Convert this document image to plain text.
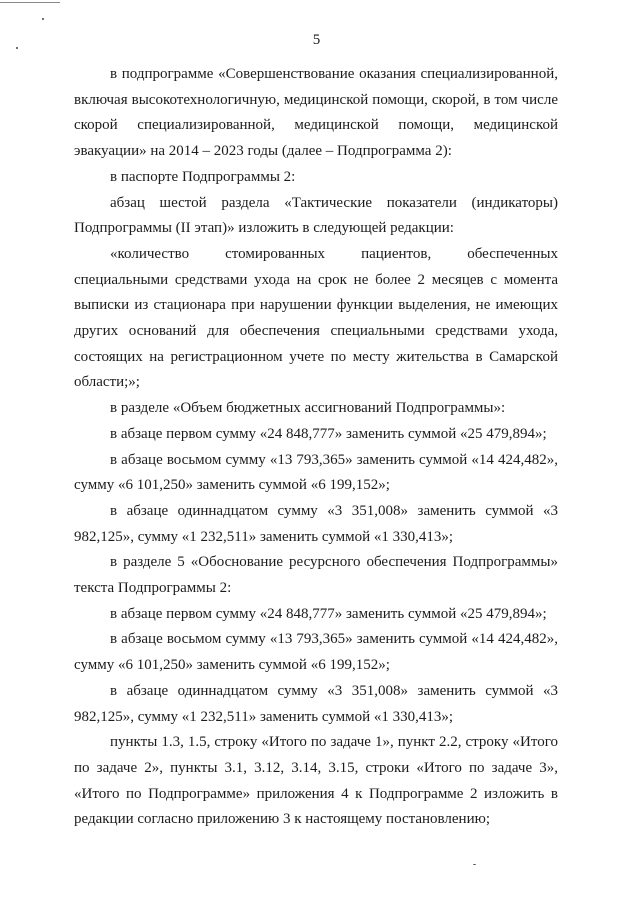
5

в подпрограмме «Совершенствование оказания специализированной, включая высокотехнологичную, медицинской помощи, скорой, в том числе скорой специализированной, медицинской помощи, медицинской эвакуации» на 2014 – 2023 годы (далее – Подпрограмма 2):

в паспорте Подпрограммы 2:

абзац шестой раздела «Тактические показатели (индикаторы) Подпрограммы (II этап)» изложить в следующей редакции:

«количество стомированных пациентов, обеспеченных специальными средствами ухода на срок не более 2 месяцев с момента выписки из стационара при нарушении функции выделения, не имеющих других оснований для обеспечения специальными средствами ухода, состоящих на регистрационном учете по месту жительства в Самарской области;»;

в разделе «Объем бюджетных ассигнований Подпрограммы»:

в абзаце первом сумму «24 848,777» заменить суммой «25 479,894»;

в абзаце восьмом сумму «13 793,365» заменить суммой «14 424,482», сумму «6 101,250» заменить суммой «6 199,152»;

в абзаце одиннадцатом сумму «3 351,008» заменить суммой «3 982,125», сумму «1 232,511» заменить суммой «1 330,413»;

в разделе 5 «Обоснование ресурсного обеспечения Подпрограммы» текста Подпрограммы 2:

в абзаце первом сумму «24 848,777» заменить суммой «25 479,894»;

в абзаце восьмом сумму «13 793,365» заменить суммой «14 424,482», сумму «6 101,250» заменить суммой «6 199,152»;

в абзаце одиннадцатом сумму «3 351,008» заменить суммой «3 982,125», сумму «1 232,511» заменить суммой «1 330,413»;

пункты 1.3, 1.5, строку «Итого по задаче 1», пункт 2.2, строку «Итого по задаче 2», пункты 3.1, 3.12, 3.14, 3.15, строки «Итого по задаче 3», «Итого по Подпрограмме» приложения 4 к Подпрограмме 2 изложить в редакции согласно приложению 3 к настоящему постановлению;
